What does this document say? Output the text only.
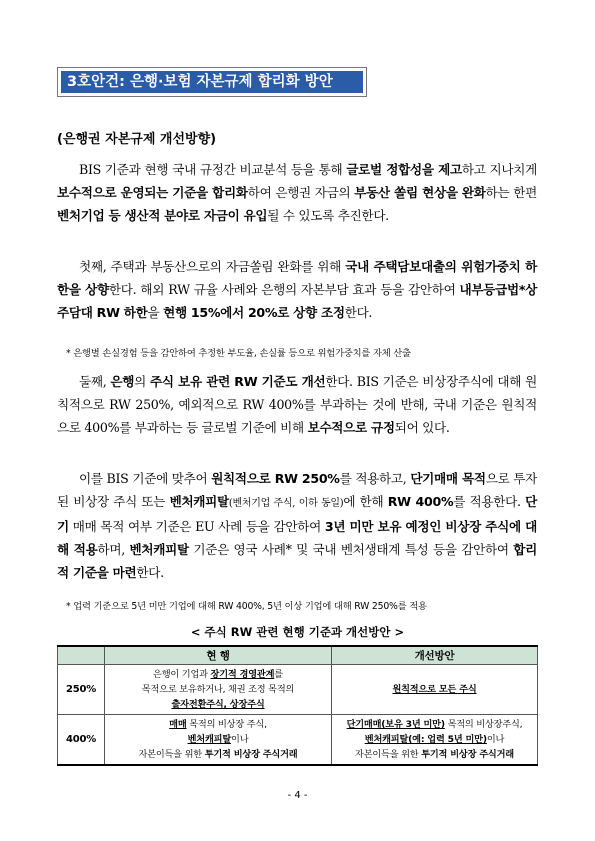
3호안건: 은행·보험 자본규제 합리화 방안
(은행권 자본규제 개선방향)
BIS 기준과 현행 국내 규정간 비교분석 등을 통해 글로벌 정합성을 제고하고 지나치게 보수적으로 운영되는 기준을 합리화하여 은행권 자금의 부동산 쏠림 현상을 완화하는 한편 벤처기업 등 생산적 분야로 자금이 유입될 수 있도록 추진한다.
첫째, 주택과 부동산으로의 자금쏠림 완화를 위해 국내 주택담보대출의 위험가중치 하한을 상향한다. 해외 RW 규율 사례와 은행의 자본부담 효과 등을 감안하여 내부등급법*상 주담대 RW 하한을 현행 15%에서 20%로 상향 조정한다.
* 은행별 손실경험 등을 감안하여 추정한 부도율, 손실률 등으로 위험가중치를 자체 산출
둘째, 은행의 주식 보유 관련 RW 기준도 개선한다. BIS 기준은 비상장주식에 대해 원칙적으로 RW 250%, 예외적으로 RW 400%를 부과하는 것에 반해, 국내 기준은 원칙적으로 400%를 부과하는 등 글로벌 기준에 비해 보수적으로 규정되어 있다.
이를 BIS 기준에 맞추어 원칙적으로 RW 250%를 적용하고, 단기매매 목적으로 투자된 비상장 주식 또는 벤처캐피탈(벤처기업 주식, 이하 동일)에 한해 RW 400%를 적용한다. 단기 매매 목적 여부 기준은 EU 사례 등을 감안하여 3년 미만 보유 예정인 비상장 주식에 대해 적용하며, 벤처캐피탈 기준은 영국 사례* 및 국내 벤처생태계 특성 등을 감안하여 합리적 기준을 마련한다.
* 업력 기준으로 5년 미만 기업에 대해 RW 400%, 5년 이상 기업에 대해 RW 250%를 적용
< 주식 RW 관련 현행 기준과 개선방안 >
	현 행	개선방안
250%	은행이 기업과 장기적 경영관계를
목적으로 보유하거나, 채권 조정 목적의
출자전환주식, 상장주식	원칙적으로 모든 주식
400%	매매 목적의 비상장 주식,
벤처캐피탈이나
자본이득을 위한 투기적 비상장 주식거래	단기매매(보유 3년 미만) 목적의 비상장주식,
벤처캐피탈(예: 업력 5년 미만)이나
자본이득을 위한 투기적 비상장 주식거래
- 4 -
